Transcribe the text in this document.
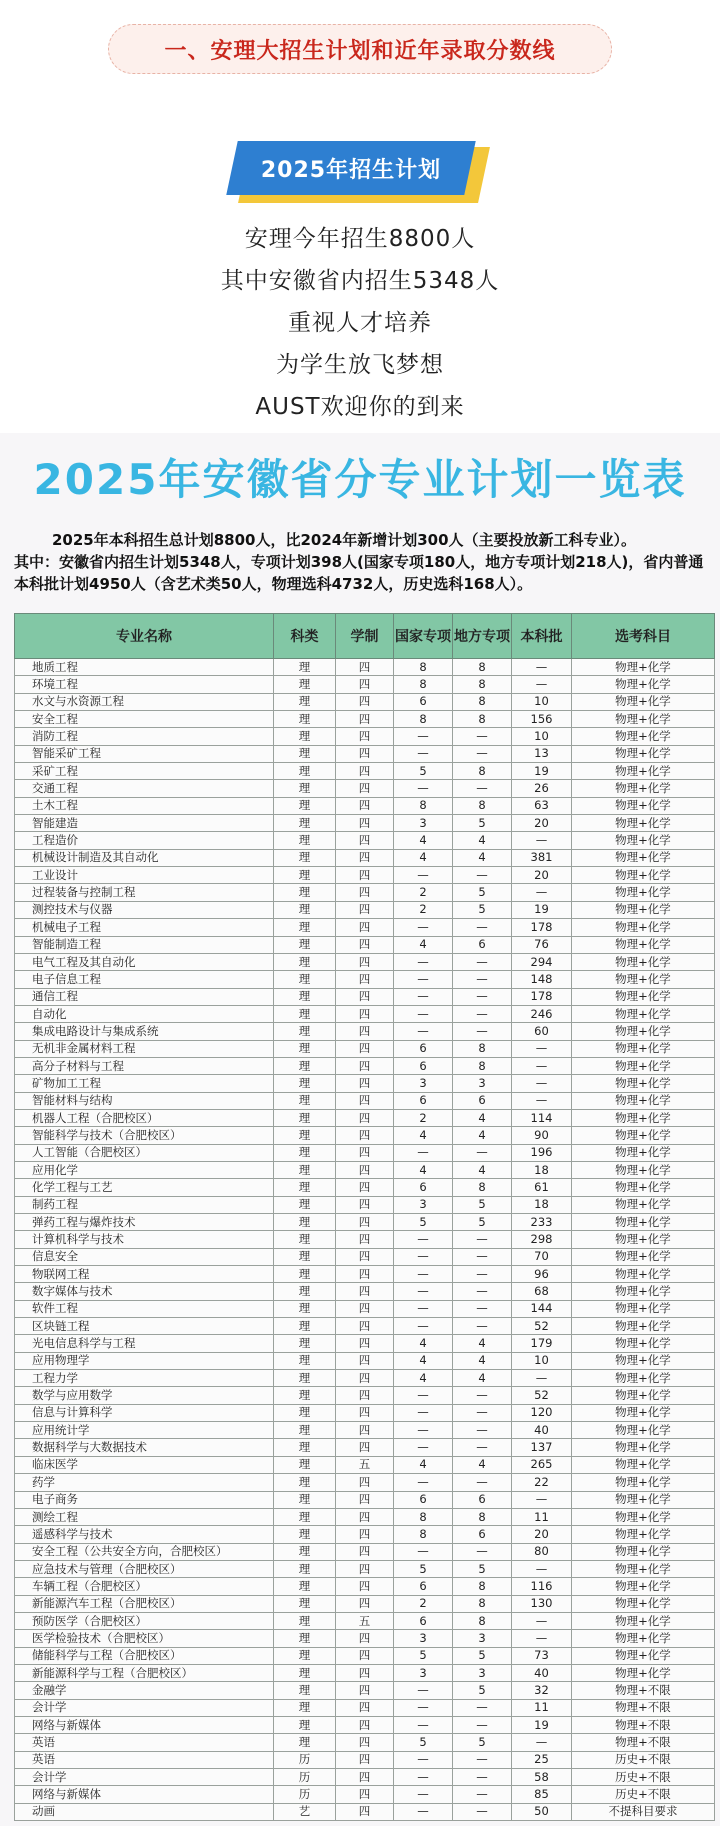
一、安理大招生计划和近年录取分数线
2025年招生计划
安理今年招生8800人
其中安徽省内招生5348人
重视人才培养
为学生放飞梦想
AUST欢迎你的到来
2025年安徽省分专业计划一览表

2025年本科招生总计划8800人，比2024年新增计划300人（主要投放新工科专业）。

其中：安徽省内招生计划5348人，专项计划398人(国家专项180人，地方专项计划218人)，省内普通本科批计划4950人（含艺术类50人，物理选科4732人，历史选科168人）。

专业名称	科类	学制	国家专项	地方专项	本科批	选考科目
地质工程	理	四	8	8	—	物理+化学
环境工程	理	四	8	8	—	物理+化学
水文与水资源工程	理	四	6	8	10	物理+化学
安全工程	理	四	8	8	156	物理+化学
消防工程	理	四	—	—	10	物理+化学
智能采矿工程	理	四	—	—	13	物理+化学
采矿工程	理	四	5	8	19	物理+化学
交通工程	理	四	—	—	26	物理+化学
土木工程	理	四	8	8	63	物理+化学
智能建造	理	四	3	5	20	物理+化学
工程造价	理	四	4	4	—	物理+化学
机械设计制造及其自动化	理	四	4	4	381	物理+化学
工业设计	理	四	—	—	20	物理+化学
过程装备与控制工程	理	四	2	5	—	物理+化学
测控技术与仪器	理	四	2	5	19	物理+化学
机械电子工程	理	四	—	—	178	物理+化学
智能制造工程	理	四	4	6	76	物理+化学
电气工程及其自动化	理	四	—	—	294	物理+化学
电子信息工程	理	四	—	—	148	物理+化学
通信工程	理	四	—	—	178	物理+化学
自动化	理	四	—	—	246	物理+化学
集成电路设计与集成系统	理	四	—	—	60	物理+化学
无机非金属材料工程	理	四	6	8	—	物理+化学
高分子材料与工程	理	四	6	8	—	物理+化学
矿物加工工程	理	四	3	3	—	物理+化学
智能材料与结构	理	四	6	6	—	物理+化学
机器人工程（合肥校区）	理	四	2	4	114	物理+化学
智能科学与技术（合肥校区）	理	四	4	4	90	物理+化学
人工智能（合肥校区）	理	四	—	—	196	物理+化学
应用化学	理	四	4	4	18	物理+化学
化学工程与工艺	理	四	6	8	61	物理+化学
制药工程	理	四	3	5	18	物理+化学
弹药工程与爆炸技术	理	四	5	5	233	物理+化学
计算机科学与技术	理	四	—	—	298	物理+化学
信息安全	理	四	—	—	70	物理+化学
物联网工程	理	四	—	—	96	物理+化学
数字媒体与技术	理	四	—	—	68	物理+化学
软件工程	理	四	—	—	144	物理+化学
区块链工程	理	四	—	—	52	物理+化学
光电信息科学与工程	理	四	4	4	179	物理+化学
应用物理学	理	四	4	4	10	物理+化学
工程力学	理	四	4	4	—	物理+化学
数学与应用数学	理	四	—	—	52	物理+化学
信息与计算科学	理	四	—	—	120	物理+化学
应用统计学	理	四	—	—	40	物理+化学
数据科学与大数据技术	理	四	—	—	137	物理+化学
临床医学	理	五	4	4	265	物理+化学
药学	理	四	—	—	22	物理+化学
电子商务	理	四	6	6	—	物理+化学
测绘工程	理	四	8	8	11	物理+化学
遥感科学与技术	理	四	8	6	20	物理+化学
安全工程（公共安全方向，合肥校区）	理	四	—	—	80	物理+化学
应急技术与管理（合肥校区）	理	四	5	5	—	物理+化学
车辆工程（合肥校区）	理	四	6	8	116	物理+化学
新能源汽车工程（合肥校区）	理	四	2	8	130	物理+化学
预防医学（合肥校区）	理	五	6	8	—	物理+化学
医学检验技术（合肥校区）	理	四	3	3	—	物理+化学
储能科学与工程（合肥校区）	理	四	5	5	73	物理+化学
新能源科学与工程（合肥校区）	理	四	3	3	40	物理+化学
金融学	理	四	—	5	32	物理+不限
会计学	理	四	—	—	11	物理+不限
网络与新媒体	理	四	—	—	19	物理+不限
英语	理	四	5	5	—	物理+不限
英语	历	四	—	—	25	历史+不限
会计学	历	四	—	—	58	历史+不限
网络与新媒体	历	四	—	—	85	历史+不限
动画	艺	四	—	—	50	不提科目要求
